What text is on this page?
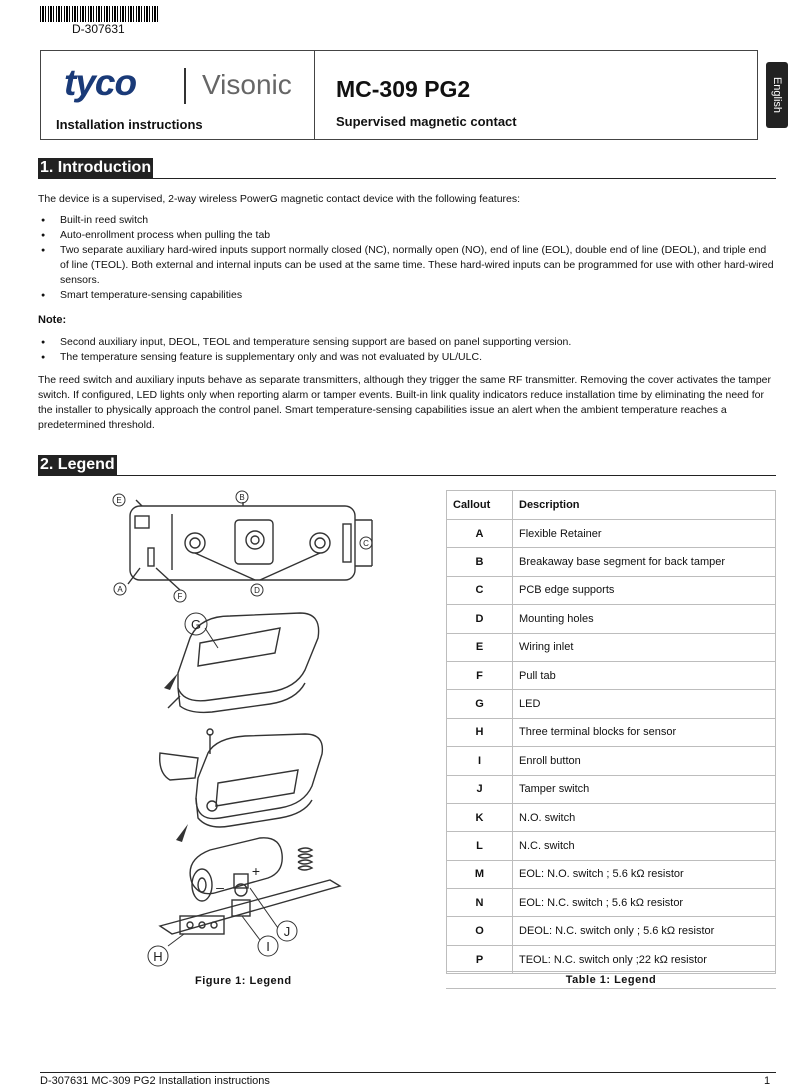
D-307631
tyco Visonic
Installation instructions
MC-309 PG2
Supervised magnetic contact
English
1. Introduction
The device is a supervised, 2-way wireless PowerG magnetic contact device with the following features:
● Built-in reed switch
● Auto-enrollment process when pulling the tab
● Two separate auxiliary hard-wired inputs support normally closed (NC), normally open (NO), end of line (EOL), double end of line (DEOL), and triple end of line (TEOL). Both external and internal inputs can be used at the same time. These hard-wired inputs can be programmed for use with other hard-wired sensors.
● Smart temperature-sensing capabilities
Note:
● Second auxiliary input, DEOL, TEOL and temperature sensing support are based on panel supporting version.
● The temperature sensing feature is supplementary only and was not evaluated by UL/ULC.
The reed switch and auxiliary inputs behave as separate transmitters, although they trigger the same RF transmitter. Removing the cover activates the tamper switch. If configured, LED lights only when reporting alarm or tamper events. Built-in link quality indicators reduce installation time by eliminating the need for the installer to physically approach the control panel. Smart temperature-sensing capabilities issue an alert when the ambient temperature reaches a predetermined threshold.
2. Legend
E	B
C
A
F
D
G
H
I
J
+
–
Figure 1: Legend
Callout	Description
A	Flexible Retainer
B	Breakaway base segment for back tamper
C	PCB edge supports
D	Mounting holes
E	Wiring inlet
F	Pull tab
G	LED
H	Three terminal blocks for sensor
I	Enroll button
J	Tamper switch
K	N.O. switch
L	N.C. switch
M	EOL: N.O. switch ; 5.6 kΩ resistor
N	EOL: N.C. switch ; 5.6 kΩ resistor
O	DEOL: N.C. switch only ; 5.6 kΩ resistor
P	TEOL: N.C. switch only ;22 kΩ resistor
Table 1: Legend
D-307631 MC-309 PG2 Installation instructions	1
